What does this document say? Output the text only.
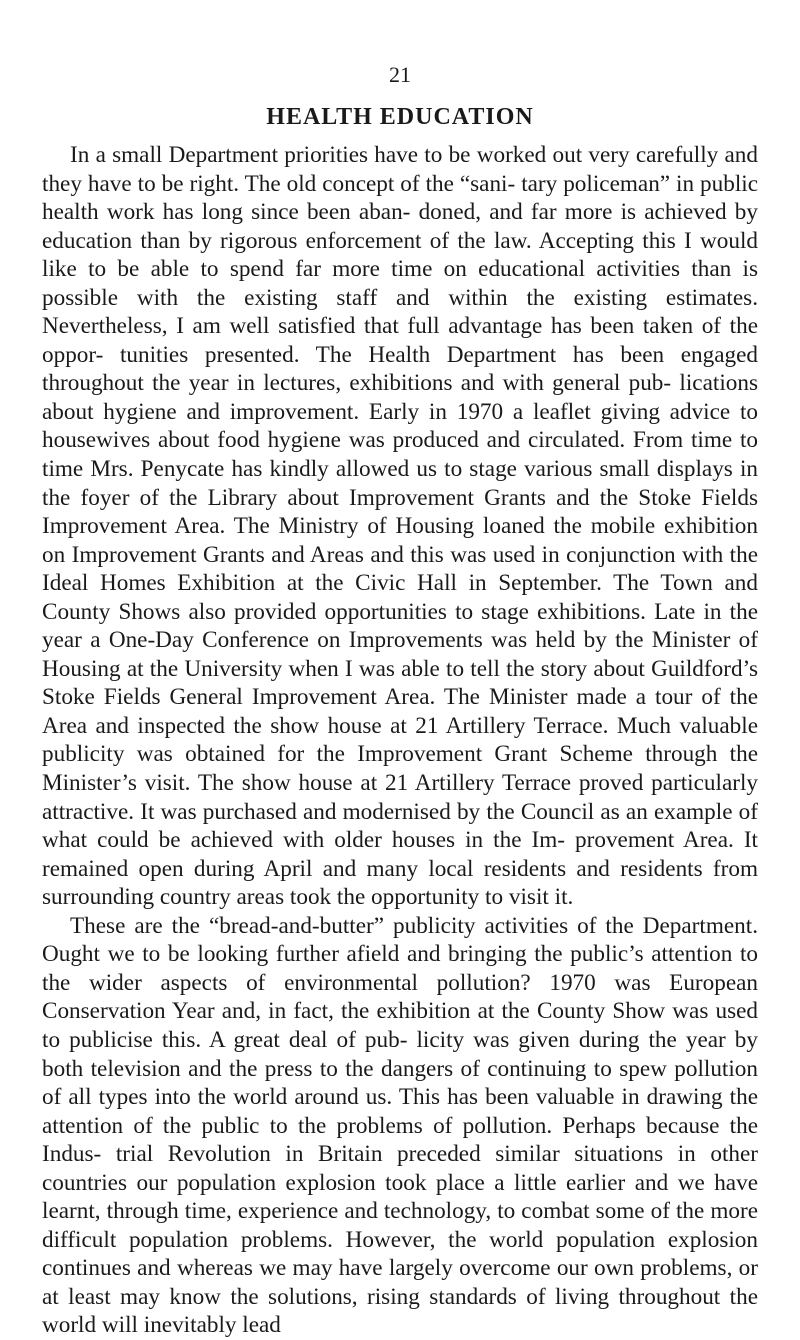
21
HEALTH EDUCATION

In a small Department priorities have to be worked out very carefully and they have to be right. The old concept of the “sani- tary policeman” in public health work has long since been aban- doned, and far more is achieved by education than by rigorous enforcement of the law. Accepting this I would like to be able to spend far more time on educational activities than is possible with the existing staff and within the existing estimates. Nevertheless, I am well satisfied that full advantage has been taken of the oppor- tunities presented. The Health Department has been engaged throughout the year in lectures, exhibitions and with general pub- lications about hygiene and improvement. Early in 1970 a leaflet giving advice to housewives about food hygiene was produced and circulated. From time to time Mrs. Penycate has kindly allowed us to stage various small displays in the foyer of the Library about Improvement Grants and the Stoke Fields Improvement Area. The Ministry of Housing loaned the mobile exhibition on Improvement Grants and Areas and this was used in conjunction with the Ideal Homes Exhibition at the Civic Hall in September. The Town and County Shows also provided opportunities to stage exhibitions. Late in the year a One-Day Conference on Improvements was held by the Minister of Housing at the University when I was able to tell the story about Guildford’s Stoke Fields General Improvement Area. The Minister made a tour of the Area and inspected the show house at 21 Artillery Terrace. Much valuable publicity was obtained for the Improvement Grant Scheme through the Minister’s visit. The show house at 21 Artillery Terrace proved particularly attractive. It was purchased and modernised by the Council as an example of what could be achieved with older houses in the Im- provement Area. It remained open during April and many local residents and residents from surrounding country areas took the opportunity to visit it.

These are the “bread-and-butter” publicity activities of the Department. Ought we to be looking further afield and bringing the public’s attention to the wider aspects of environmental pollution? 1970 was European Conservation Year and, in fact, the exhibition at the County Show was used to publicise this. A great deal of pub- licity was given during the year by both television and the press to the dangers of continuing to spew pollution of all types into the world around us. This has been valuable in drawing the attention of the public to the problems of pollution. Perhaps because the Indus- trial Revolution in Britain preceded similar situations in other countries our population explosion took place a little earlier and we have learnt, through time, experience and technology, to combat some of the more difficult population problems. However, the world population explosion continues and whereas we may have largely overcome our own problems, or at least may know the solutions, rising standards of living throughout the world will inevitably lead
